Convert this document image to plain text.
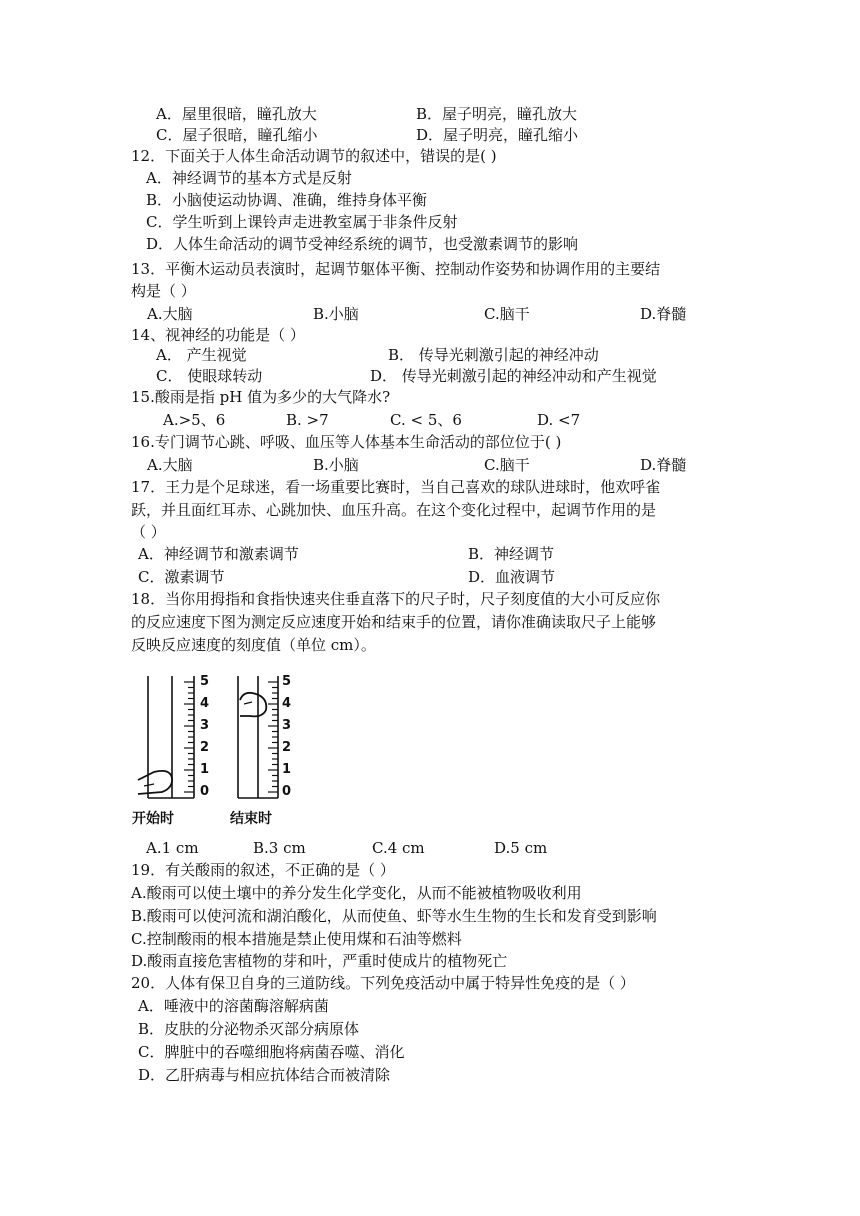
A．屋里很暗，瞳孔放大	B．屋子明亮，瞳孔放大
C．屋子很暗，瞳孔缩小	D．屋子明亮，瞳孔缩小
12．下面关于人体生命活动调节的叙述中，错误的是( )
A．神经调节的基本方式是反射
B．小脑使运动协调、准确，维持身体平衡
C．学生听到上课铃声走进教室属于非条件反射
D．人体生命活动的调节受神经系统的调节，也受激素调节的影响
13．平衡木运动员表演时，起调节躯体平衡、控制动作姿势和协调作用的主要结
构是（ ）
A.大脑	B.小脑	C.脑干	D.脊髓
14、视神经的功能是（ ）
A． 产生视觉	B． 传导光刺激引起的神经冲动
C． 使眼球转动	D． 传导光刺激引起的神经冲动和产生视觉
15.酸雨是指 pH 值为多少的大气降水?
A.>5、6	B. >7	C. < 5、6	D. <7
16.专门调节心跳、呼吸、血压等人体基本生命活动的部位位于( )
A.大脑	B.小脑	C.脑干	D.脊髓
17．王力是个足球迷，看一场重要比赛时，当自己喜欢的球队进球时，他欢呼雀
跃，并且面红耳赤、心跳加快、血压升高。在这个变化过程中，起调节作用的是
（ ）
A．神经调节和激素调节	B．神经调节
C．激素调节	D．血液调节
18．当你用拇指和食指快速夹住垂直落下的尺子时，尺子刻度值的大小可反应你
的反应速度下图为测定反应速度开始和结束手的位置，请你准确读取尺子上能够
反映反应速度的刻度值（单位 cm）。
5
4
3
2
1
0
5
4
3
2
1
0
开始时	结束时
A.1 cm	B.3 cm	C.4 cm	D.5 cm
19．有关酸雨的叙述，不正确的是（ ）
A.酸雨可以使土壤中的养分发生化学变化，从而不能被植物吸收利用
B.酸雨可以使河流和湖泊酸化，从而使鱼、虾等水生生物的生长和发育受到影响
C.控制酸雨的根本措施是禁止使用煤和石油等燃料
D.酸雨直接危害植物的芽和叶，严重时使成片的植物死亡
20．人体有保卫自身的三道防线。下列免疫活动中属于特异性免疫的是（ ）
A．唾液中的溶菌酶溶解病菌
B．皮肤的分泌物杀灭部分病原体
C．脾脏中的吞噬细胞将病菌吞噬、消化
D．乙肝病毒与相应抗体结合而被清除
